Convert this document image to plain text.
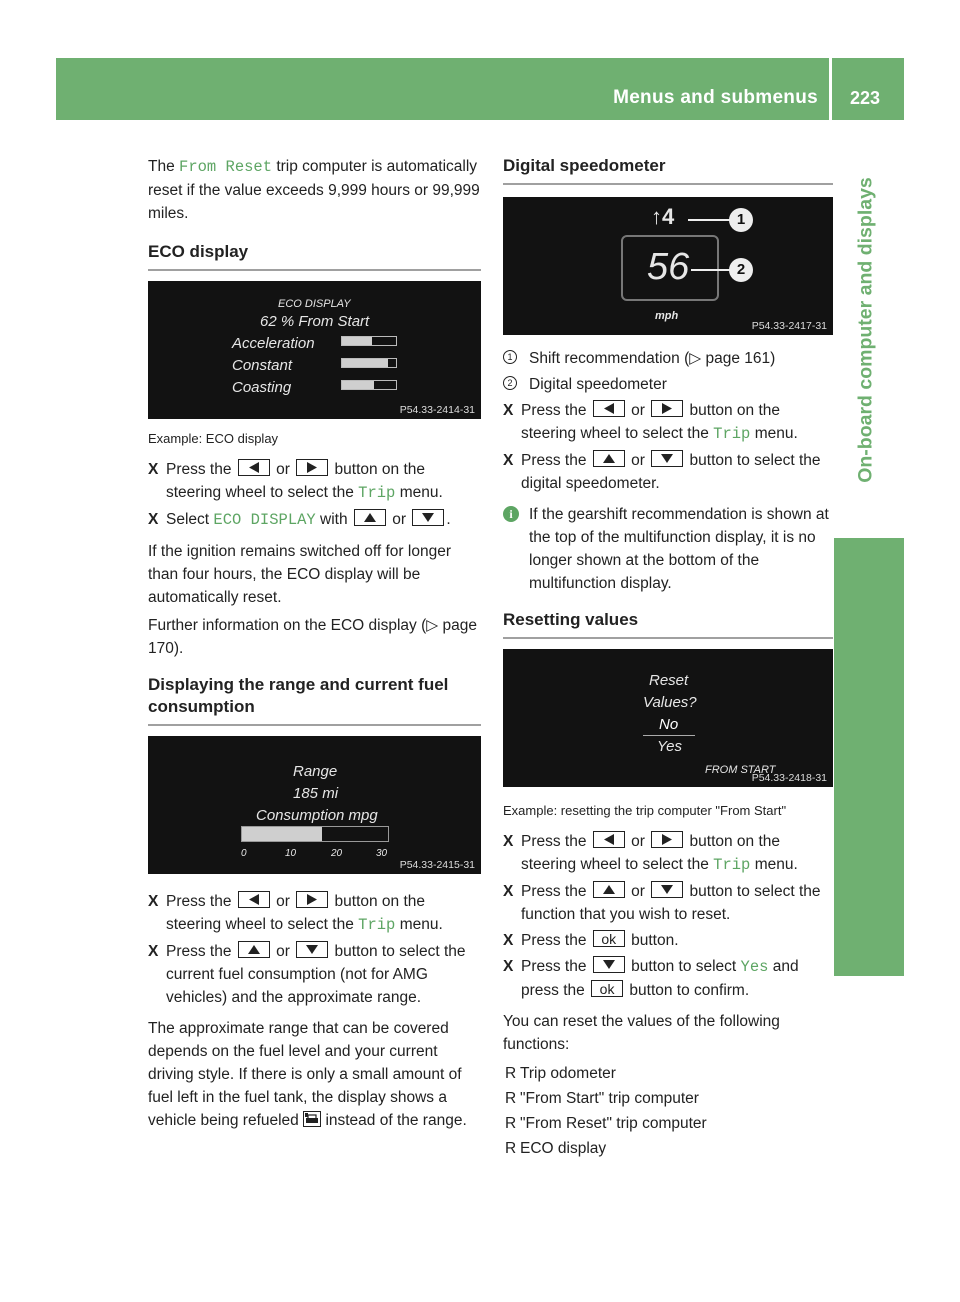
Menus and submenus 223
On-board computer and displays

The From Reset trip computer is automatically reset if the value exceeds 9,999 hours or 99,999 miles.

ECO display
ECO DISPLAY
62 % From Start
Acceleration
Constant
Coasting
P54.33-2414-31
Example: ECO display
X Press the	or	button on the steering wheel to select the Trip menu.
X Select ECO DISPLAY with	or	.

If the ignition remains switched off for longer than four hours, the ECO display will be automatically reset.

Further information on the ECO display (▷ page 170).

Displaying the range and current fuel consumption
Range
185 mi
Consumption mpg
0	10	20	30
P54.33-2415-31
X Press the	or	button on the steering wheel to select the Trip menu.
X Press the	or	button to select the current fuel consumption (not for AMG vehicles) and the approximate range.

The approximate range that can be covered depends on the fuel level and your current driving style. If there is only a small amount of fuel left in the fuel tank, the display shows a vehicle being refueled instead of the range.

Digital speedometer
↑4
56
mph
1
2
P54.33-2417-31
1 Shift recommendation (▷ page 161)
2 Digital speedometer
X Press the	or	button on the steering wheel to select the Trip menu.
X Press the	or	button to select the digital speedometer.
i	If the gearshift recommendation is shown at the top of the multifunction display, it is no longer shown at the bottom of the multifunction display.
Resetting values
Reset
Values?
No
Yes
FROM START
P54.33-2418-31
Example: resetting the trip computer "From Start"
X Press the	or	button on the steering wheel to select the Trip menu.
X Press the	or	button to select the function that you wish to reset.
X Press the	ok button.
X Press the	button to select Yes and press the	ok button to confirm.

You can reset the values of the following functions:

R Trip odometer
R "From Start" trip computer
R "From Reset" trip computer
R ECO display
